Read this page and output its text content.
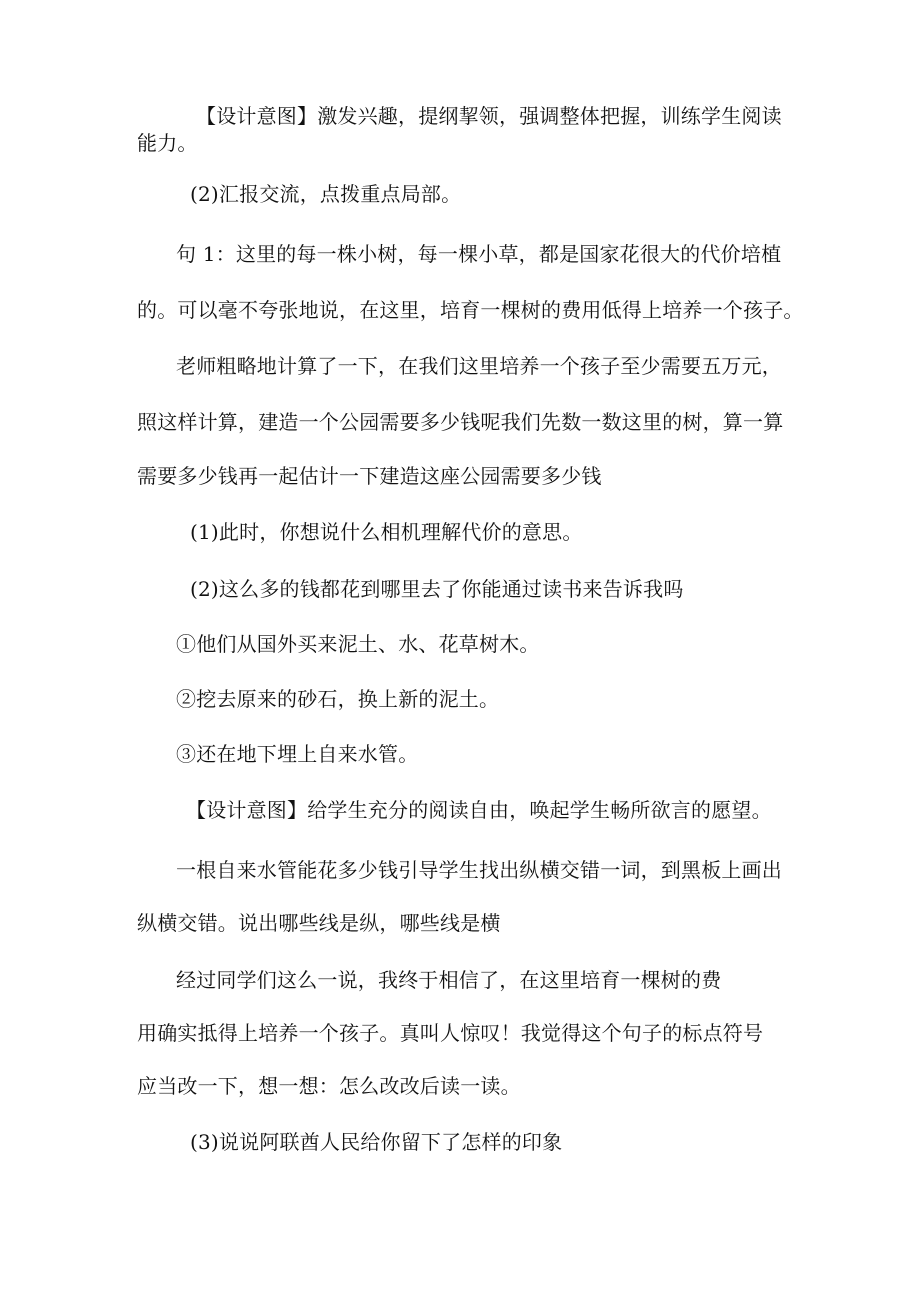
【设计意图】激发兴趣，提纲挈领，强调整体把握，训练学生阅读
能力。
(2)汇报交流，点拨重点局部。
句 1：这里的每一株小树，每一棵小草，都是国家花很大的代价培植
的。可以毫不夸张地说，在这里，培育一棵树的费用低得上培养一个孩子。
老师粗略地计算了一下，在我们这里培养一个孩子至少需要五万元，
照这样计算，建造一个公园需要多少钱呢我们先数一数这里的树，算一算
需要多少钱再一起估计一下建造这座公园需要多少钱
(1)此时，你想说什么相机理解代价的意思。
(2)这么多的钱都花到哪里去了你能通过读书来告诉我吗
①他们从国外买来泥土、水、花草树木。
②挖去原来的砂石，换上新的泥土。
③还在地下埋上自来水管。
【设计意图】给学生充分的阅读自由，唤起学生畅所欲言的愿望。
一根自来水管能花多少钱引导学生找出纵横交错一词，到黑板上画出
纵横交错。说出哪些线是纵，哪些线是横
经过同学们这么一说，我终于相信了，在这里培育一棵树的费
用确实抵得上培养一个孩子。真叫人惊叹！我觉得这个句子的标点符号
应当改一下，想一想：怎么改改后读一读。
(3)说说阿联酋人民给你留下了怎样的印象
